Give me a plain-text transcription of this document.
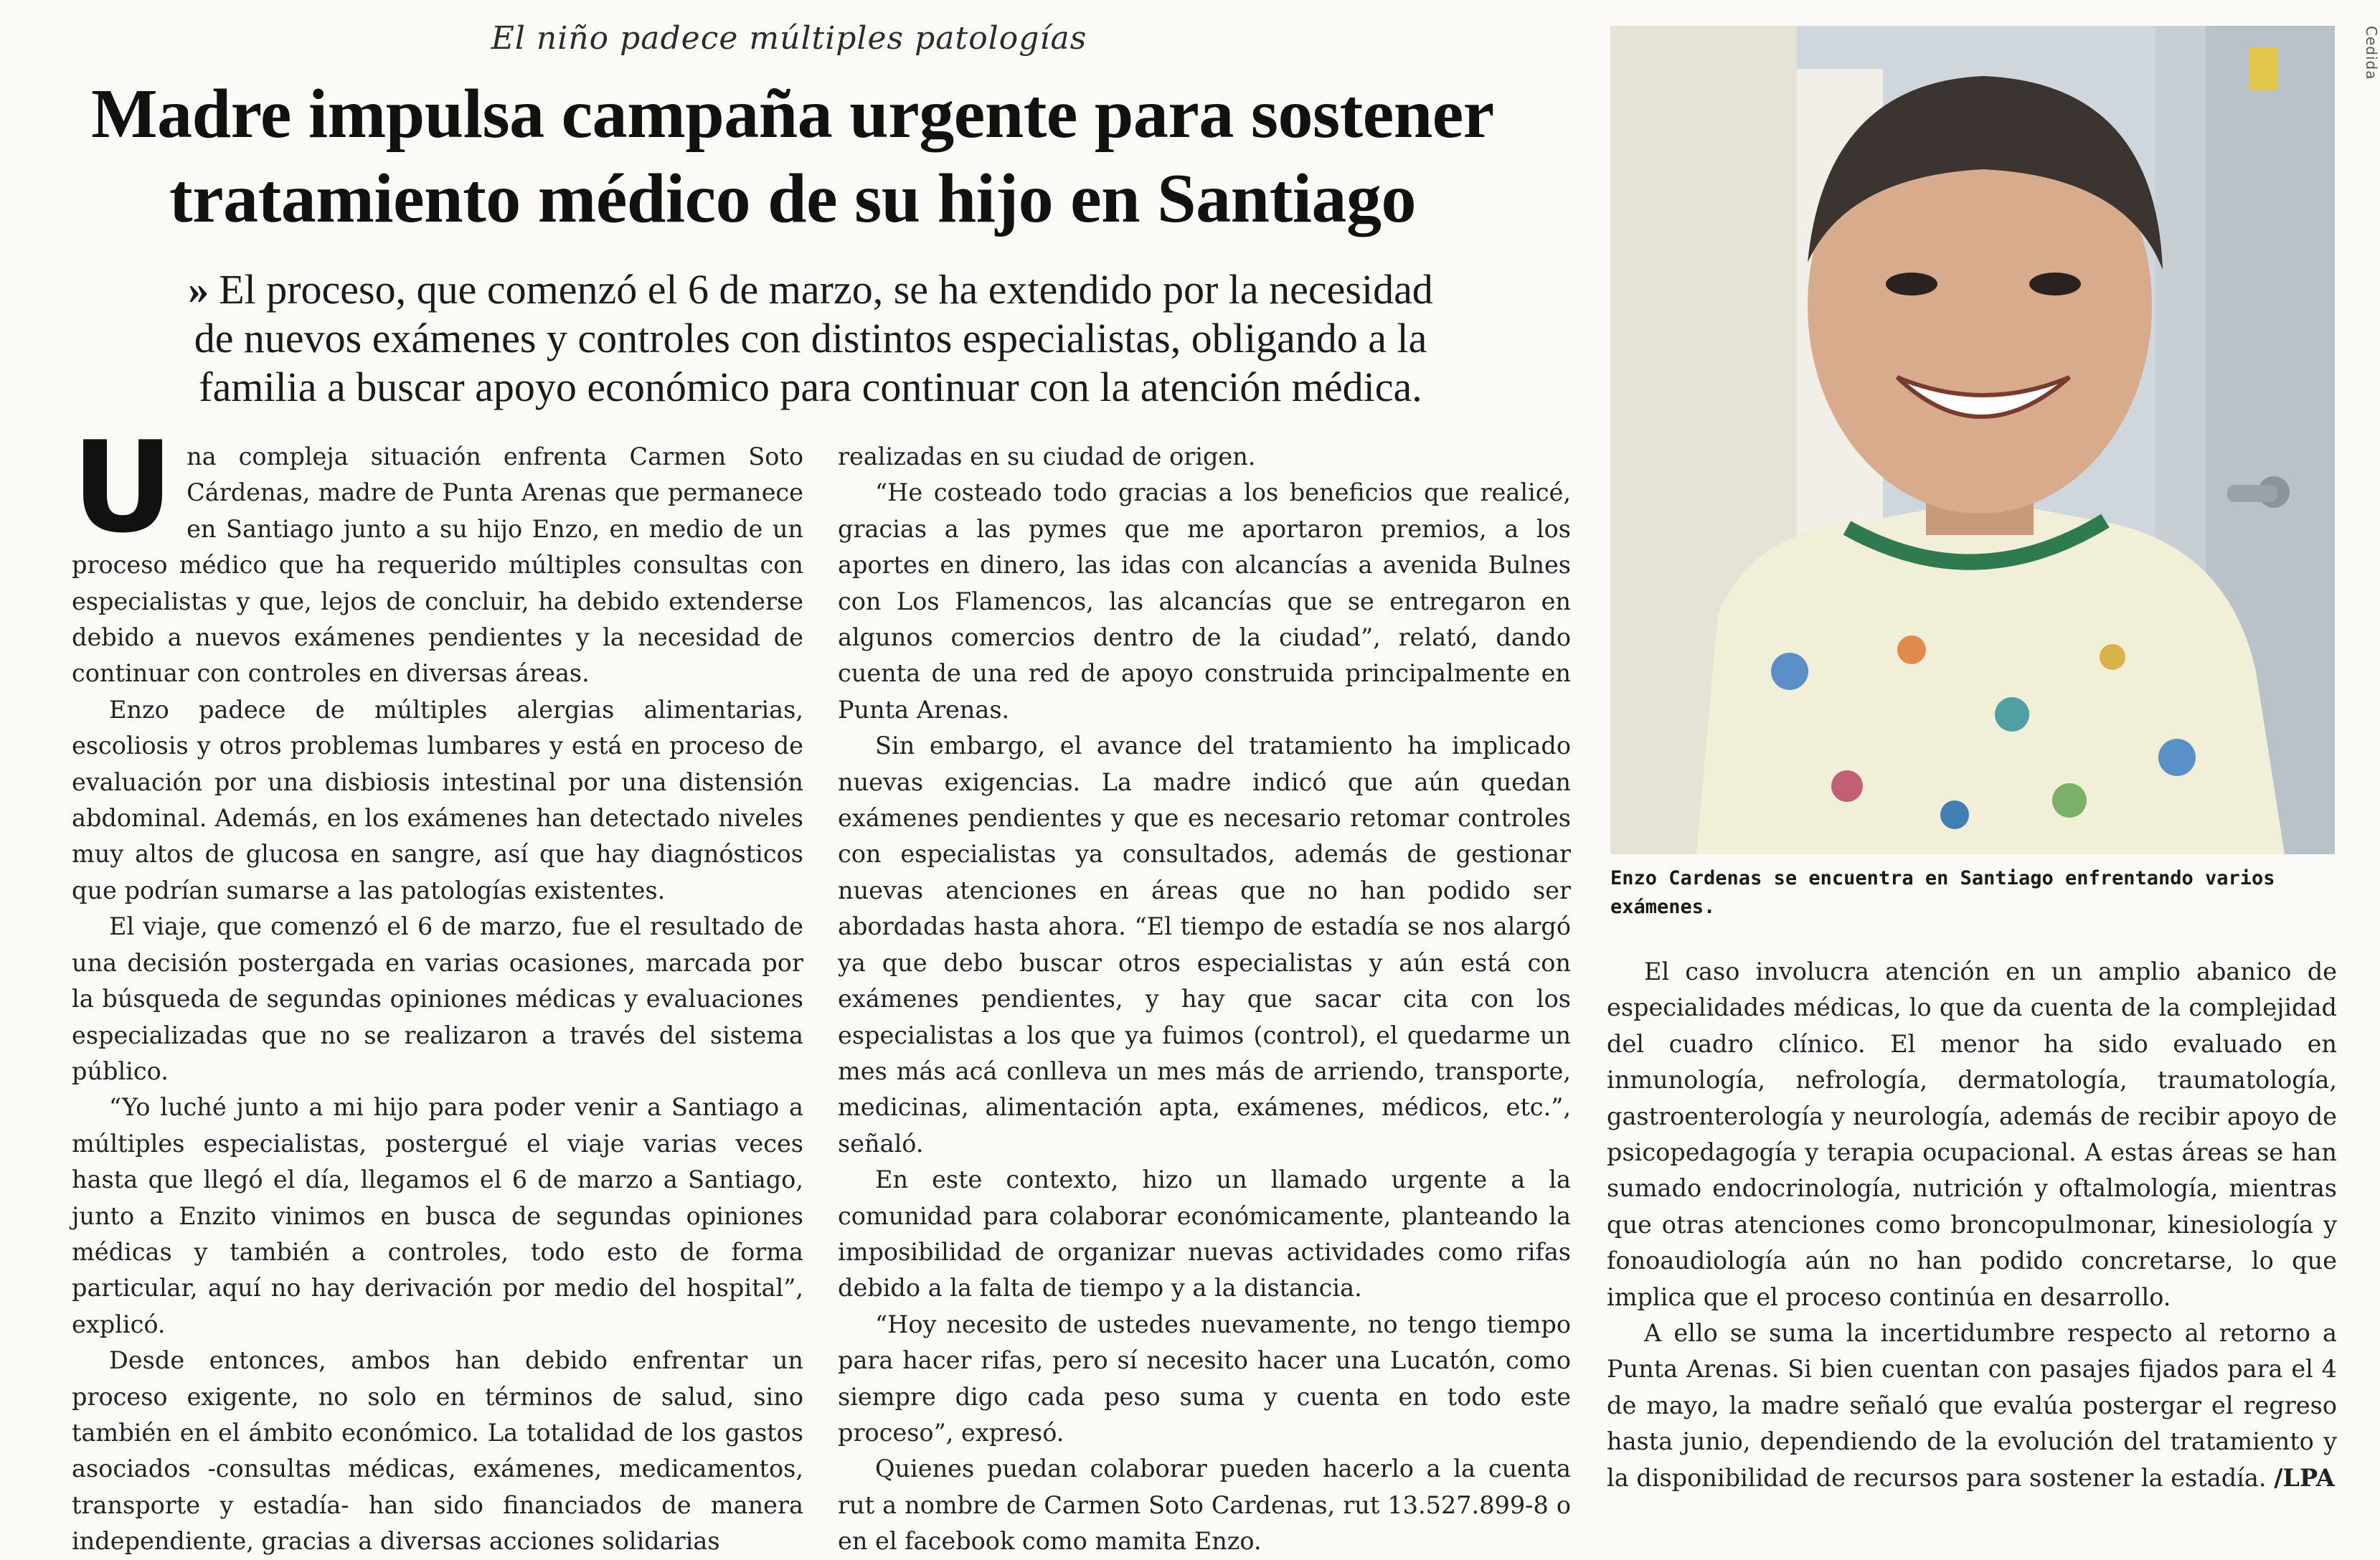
El niño padece múltiples patologías
Madre impulsa campaña urgente para sostener
tratamiento médico de su hijo en Santiago
» El proceso, que comenzó el 6 de marzo, se ha extendido por la necesidad de nuevos exámenes y controles con distintos especialistas, obligando a la familia a buscar apoyo económico para continuar con la atención médica.

Una compleja situación enfrenta Carmen Soto Cárdenas, madre de Punta Arenas que permanece en Santiago junto a su hijo Enzo, en medio de un proceso médico que ha requerido múltiples consultas con especialistas y que, lejos de concluir, ha debido extenderse debido a nuevos exámenes pendientes y la necesidad de continuar con controles en diversas áreas.

Enzo padece de múltiples alergias alimentarias, escoliosis y otros problemas lumbares y está en proceso de evaluación por una disbiosis intestinal por una distensión abdominal. Además, en los exámenes han detectado niveles muy altos de glucosa en sangre, así que hay diagnósticos que podrían sumarse a las patologías existentes.

El viaje, que comenzó el 6 de marzo, fue el resultado de una decisión postergada en varias ocasiones, marcada por la búsqueda de segundas opiniones médicas y evaluaciones especializadas que no se realizaron a través del sistema público.

“Yo luché junto a mi hijo para poder venir a Santiago a múltiples especialistas, postergué el viaje varias veces hasta que llegó el día, llegamos el 6 de marzo a Santiago, junto a Enzito vinimos en busca de segundas opiniones médicas y también a controles, todo esto de forma particular, aquí no hay derivación por medio del hospital”, explicó.

Desde entonces, ambos han debido enfrentar un proceso exigente, no solo en términos de salud, sino también en el ámbito económico. La totalidad de los gastos asociados -consultas médicas, exámenes, medicamentos, transporte y estadía- han sido financiados de manera independiente, gracias a diversas acciones solidarias

realizadas en su ciudad de origen.

“He costeado todo gracias a los beneficios que realicé, gracias a las pymes que me aportaron premios, a los aportes en dinero, las idas con alcancías a avenida Bulnes con Los Flamencos, las alcancías que se entregaron en algunos comercios dentro de la ciudad”, relató, dando cuenta de una red de apoyo construida principalmente en Punta Arenas.

Sin embargo, el avance del tratamiento ha implicado nuevas exigencias. La madre indicó que aún quedan exámenes pendientes y que es necesario retomar controles con especialistas ya consultados, además de gestionar nuevas atenciones en áreas que no han podido ser abordadas hasta ahora. “El tiempo de estadía se nos alargó ya que debo buscar otros especialistas y aún está con exámenes pendientes, y hay que sacar cita con los especialistas a los que ya fuimos (control), el quedarme un mes más acá conlleva un mes más de arriendo, transporte, medicinas, alimentación apta, exámenes, médicos, etc.”, señaló.

En este contexto, hizo un llamado urgente a la comunidad para colaborar económicamente, planteando la imposibilidad de organizar nuevas actividades como rifas debido a la falta de tiempo y a la distancia.

“Hoy necesito de ustedes nuevamente, no tengo tiempo para hacer rifas, pero sí necesito hacer una Lucatón, como siempre digo cada peso suma y cuenta en todo este proceso”, expresó.

Quienes puedan colaborar pueden hacerlo a la cuenta rut a nombre de Carmen Soto Cardenas, rut 13.527.899-8 o en el facebook como mamita Enzo.

Cedida
Enzo Cardenas se encuentra en Santiago enfrentando varios exámenes.

El caso involucra atención en un amplio abanico de especialidades médicas, lo que da cuenta de la complejidad del cuadro clínico. El menor ha sido evaluado en inmunología, nefrología, dermatología, traumatología, gastroenterología y neurología, además de recibir apoyo de psicopedagogía y terapia ocupacional. A estas áreas se han sumado endocrinología, nutrición y oftalmología, mientras que otras atenciones como broncopulmonar, kinesiología y fonoaudiología aún no han podido concretarse, lo que implica que el proceso continúa en desarrollo.

A ello se suma la incertidumbre respecto al retorno a Punta Arenas. Si bien cuentan con pasajes fijados para el 4 de mayo, la madre señaló que evalúa postergar el regreso hasta junio, dependiendo de la evolución del tratamiento y la disponibilidad de recursos para sostener la estadía. /LPA
